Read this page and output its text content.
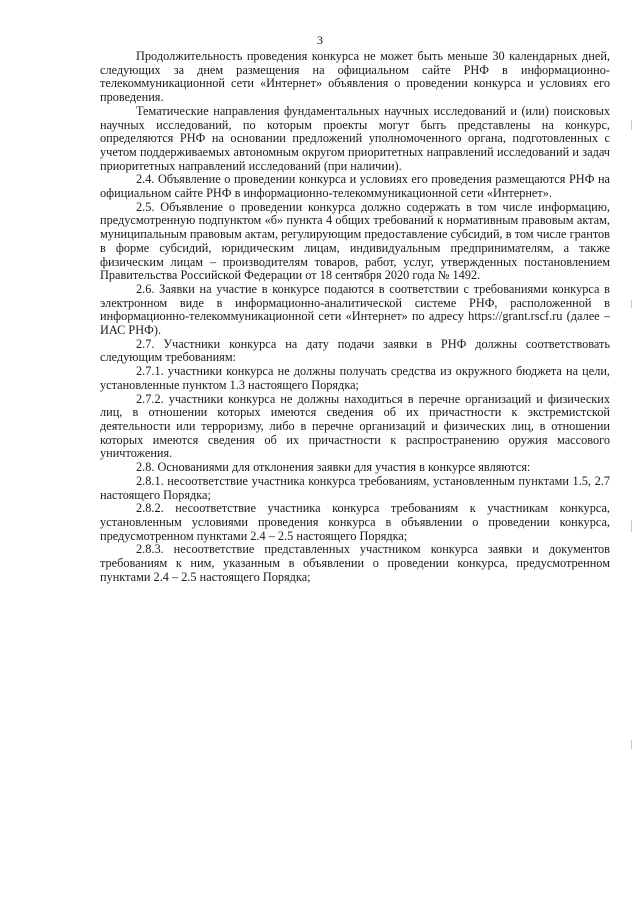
3

Продолжительность проведения конкурса не может быть меньше 30 календарных дней, следующих за днем размещения на официальном сайте РНФ в информационно-телекоммуникационной сети «Интернет» объявления о проведении конкурса и условиях его проведения.

Тематические направления фундаментальных научных исследований и (или) поисковых научных исследований, по которым проекты могут быть представлены на конкурс, определяются РНФ на основании предложений уполномоченного органа, подготовленных с учетом поддерживаемых автономным округом приоритетных направлений исследований и задач приоритетных направлений исследований (при наличии).

2.4. Объявление о проведении конкурса и условиях его проведения размещаются РНФ на официальном сайте РНФ в информационно-телекоммуникационной сети «Интернет».

2.5. Объявление о проведении конкурса должно содержать в том числе информацию, предусмотренную подпунктом «б» пункта 4 общих требований к нормативным правовым актам, муниципальным правовым актам, регулирующим предоставление субсидий, в том числе грантов в форме субсидий, юридическим лицам, индивидуальным предпринимателям, а также физическим лицам – производителям товаров, работ, услуг, утвержденных постановлением Правительства Российской Федерации от 18 сентября 2020 года № 1492.

2.6. Заявки на участие в конкурсе подаются в соответствии с требованиями конкурса в электронном виде в информационно-аналитической системе РНФ, расположенной в информационно-телекоммуникационной сети «Интернет» по адресу https://grant.rscf.ru (далее – ИАС РНФ).

2.7. Участники конкурса на дату подачи заявки в РНФ должны соответствовать следующим требованиям:

2.7.1. участники конкурса не должны получать средства из окружного бюджета на цели, установленные пунктом 1.3 настоящего Порядка;

2.7.2. участники конкурса не должны находиться в перечне организаций и физических лиц, в отношении которых имеются сведения об их причастности к экстремистской деятельности или терроризму, либо в перечне организаций и физических лиц, в отношении которых имеются сведения об их причастности к распространению оружия массового уничтожения.

2.8. Основаниями для отклонения заявки для участия в конкурсе являются:

2.8.1. несоответствие участника конкурса требованиям, установленным пунктами 1.5, 2.7 настоящего Порядка;

2.8.2. несоответствие участника конкурса требованиям к участникам конкурса, установленным условиями проведения конкурса в объявлении о проведении конкурса, предусмотренном пунктами 2.4 – 2.5 настоящего Порядка;

2.8.3. несоответствие представленных участником конкурса заявки и документов требованиям к ним, указанным в объявлении о проведении конкурса, предусмотренном пунктами 2.4 – 2.5 настоящего Порядка;
